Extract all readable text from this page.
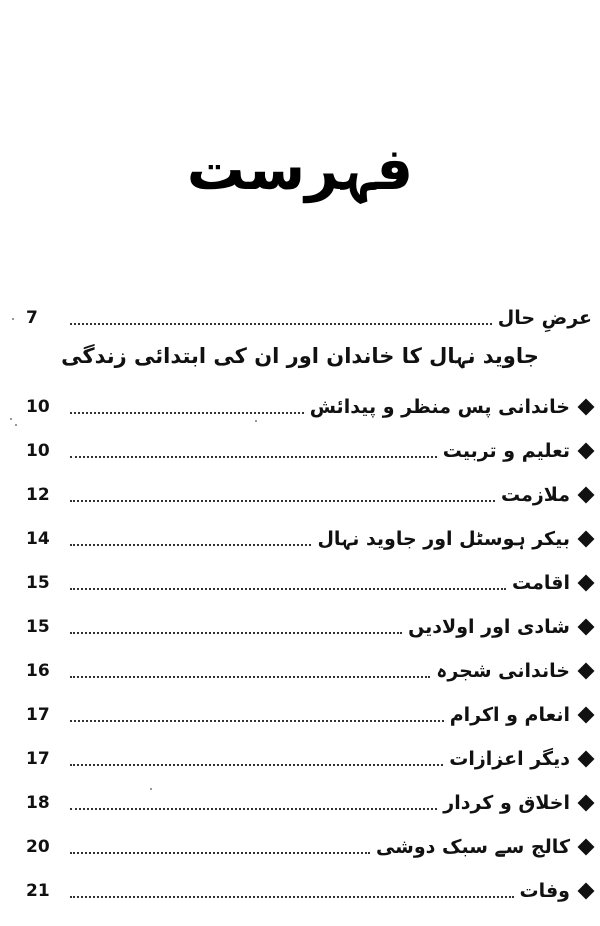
فہرست
عرضِ حال
7
جاوید نہال کا خاندان اور ان کی ابتدائی زندگی
خاندانی پس منظر و پیدائش
10
تعلیم و تربیت
10
ملازمت
12
بیکر ہوسٹل اور جاوید نہال
14
اقامت
15
شادی اور اولادیں
15
خاندانی شجرہ
16
انعام و اکرام
17
دیگر اعزازات
17
اخلاق و کردار
18
کالج سے سبک دوشی
20
وفات
21
